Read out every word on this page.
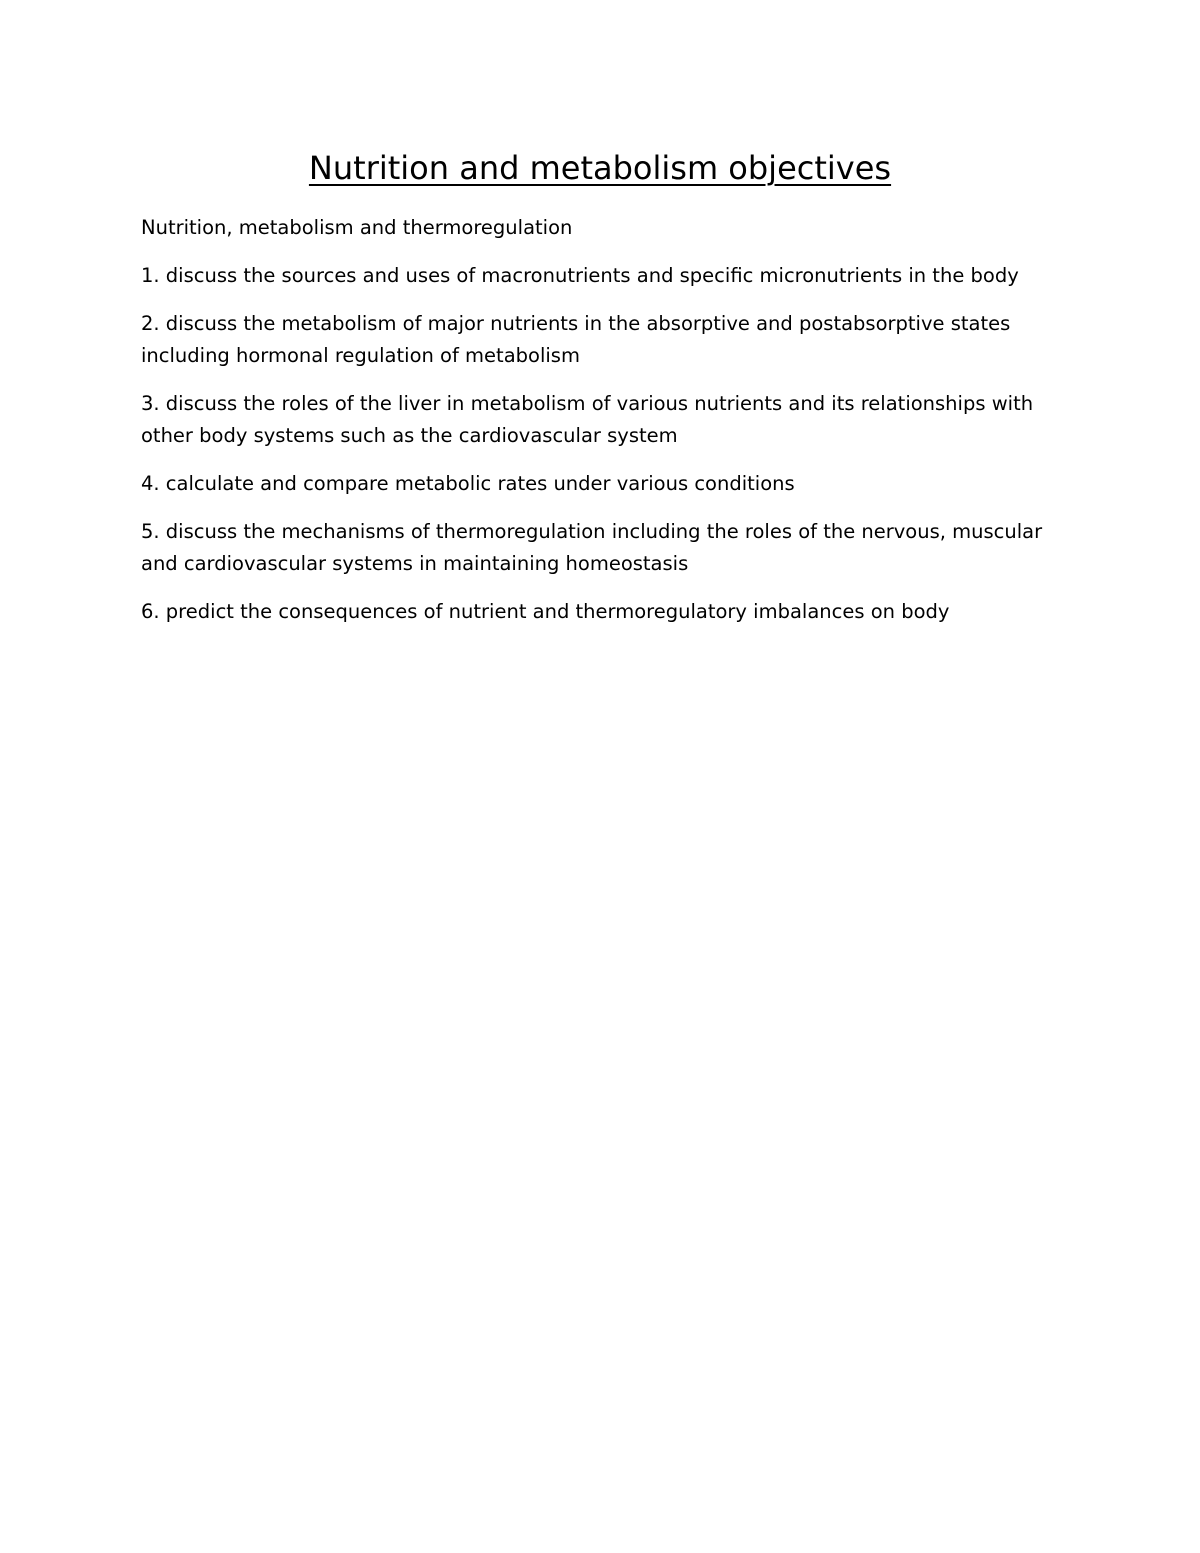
Nutrition and metabolism objectives

Nutrition, metabolism and thermoregulation

1. discuss the sources and uses of macronutrients and specific micronutrients in the body

2. discuss the metabolism of major nutrients in the absorptive and postabsorptive states including hormonal regulation of metabolism

3. discuss the roles of the liver in metabolism of various nutrients and its relationships with other body systems such as the cardiovascular system

4. calculate and compare metabolic rates under various conditions

5. discuss the mechanisms of thermoregulation including the roles of the nervous, muscular and cardiovascular systems in maintaining homeostasis

6. predict the consequences of nutrient and thermoregulatory imbalances on body
